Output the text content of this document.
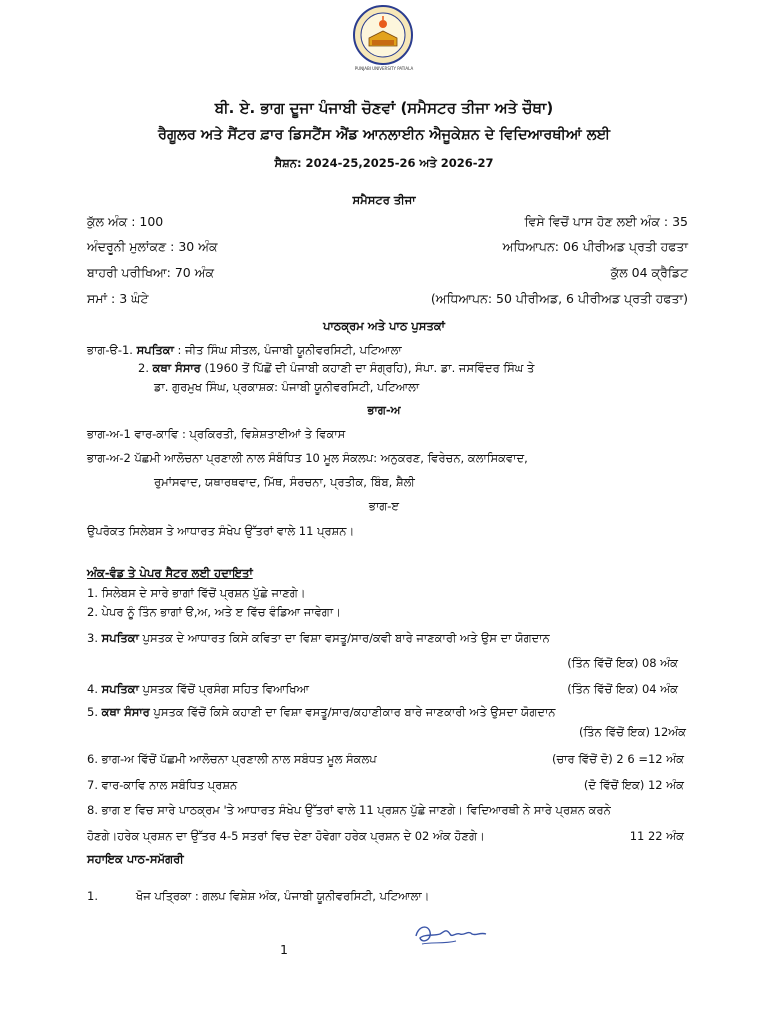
PUNJABI UNIVERSITY PATIALA
ਬੀ. ਏ. ਭਾਗ ਦੂਜਾ ਪੰਜਾਬੀ ਚੋਣਵਾਂ (ਸਮੈਸਟਰ ਤੀਜਾ ਅਤੇ ਚੌਥਾ)
ਰੈਗੂਲਰ ਅਤੇ ਸੈਂਟਰ ਫ਼ਾਰ ਡਿਸਟੈਂਸ ਐਂਡ ਆਨਲਾਈਨ ਐਜੂਕੇਸ਼ਨ ਦੇ ਵਿਦਿਆਰਥੀਆਂ ਲਈ
ਸੈਸ਼ਨ: 2024-25,2025-26 ਅਤੇ 2026-27
ਸਮੈਸਟਰ ਤੀਜਾ
ਕੁੱਲ ਅੰਕ : 100	ਵਿਸੇ ਵਿਚੋਂ ਪਾਸ ਹੋਣ ਲਈ ਅੰਕ : 35
ਅੰਦਰੂਨੀ ਮੁਲਾਂਕਣ : 30 ਅੰਕ	ਅਧਿਆਪਨ: 06 ਪੀਰੀਅਡ ਪ੍ਰਤੀ ਹਫਤਾ
ਬਾਹਰੀ ਪਰੀਖਿਆ: 70 ਅੰਕ	ਕੁੱਲ 04 ਕ੍ਰੈਡਿਟ
ਸਮਾਂ : 3 ਘੰਟੇ	(ਅਧਿਆਪਨ: 50 ਪੀਰੀਅਡ, 6 ਪੀਰੀਅਡ ਪ੍ਰਤੀ ਹਫਤਾ)
ਪਾਠਕ੍ਰਮ ਅਤੇ ਪਾਠ ਪੁਸਤਕਾਂ
ਭਾਗ-ੳ-1. ਸਪਤਿਕਾ : ਜੀਤ ਸਿੰਘ ਸੀਤਲ, ਪੰਜਾਬੀ ਯੂਨੀਵਰਸਿਟੀ, ਪਟਿਆਲਾ
2. ਕਥਾ ਸੰਸਾਰ (1960 ਤੋਂ ਪਿੱਛੋਂ ਦੀ ਪੰਜਾਬੀ ਕਹਾਣੀ ਦਾ ਸੰਗ੍ਰਹਿ), ਸੰਪਾ. ਡਾ. ਜਸਵਿੰਦਰ ਸਿੰਘ ਤੇ
ਡਾ. ਗੁਰਮੁਖ ਸਿੰਘ, ਪ੍ਰਕਾਸ਼ਕ: ਪੰਜਾਬੀ ਯੂਨੀਵਰਸਿਟੀ, ਪਟਿਆਲਾ
ਭਾਗ-ਅ
ਭਾਗ-ਅ-1 ਵਾਰ-ਕਾਵਿ : ਪ੍ਰਕਿਰਤੀ, ਵਿਸ਼ੇਸ਼ਤਾਈਆਂ ਤੇ ਵਿਕਾਸ
ਭਾਗ-ਅ-2 ਪੱਛਮੀ ਆਲੋਚਨਾ ਪ੍ਰਣਾਲੀ ਨਾਲ ਸੰਬੰਧਿਤ 10 ਮੂਲ ਸੰਕਲਪ: ਅਨੁਕਰਣ, ਵਿਰੇਚਨ, ਕਲਾਸਿਕਵਾਦ,
ਰੁਮਾਂਸਵਾਦ, ਯਥਾਰਥਵਾਦ, ਮਿੱਥ, ਸੰਰਚਨਾ, ਪ੍ਰਤੀਕ, ਬਿੰਬ, ਸ਼ੈਲੀ
ਭਾਗ-ੲ
ਉਪਰੋਕਤ ਸਿਲੇਬਸ ਤੇ ਆਧਾਰਤ ਸੰਖੇਪ ਉੱਤਰਾਂ ਵਾਲੇ 11 ਪ੍ਰਸ਼ਨ।
ਅੰਕ-ਵੰਡ ਤੇ ਪੇਪਰ ਸੈਟਰ ਲਈ ਹਦਾਇਤਾਂ
1. ਸਿਲੇਬਸ ਦੇ ਸਾਰੇ ਭਾਗਾਂ ਵਿੱਚੋਂ ਪ੍ਰਸ਼ਨ ਪੁੱਛੇ ਜਾਣਗੇ।
2. ਪੇਪਰ ਨੂੰ ਤਿੰਨ ਭਾਗਾਂ ੳ,ਅ, ਅਤੇ ੲ ਵਿੱਚ ਵੰਡਿਆ ਜਾਵੇਗਾ।
3. ਸਪਤਿਕਾ ਪੁਸਤਕ ਦੇ ਆਧਾਰਤ ਕਿਸੇ ਕਵਿਤਾ ਦਾ ਵਿਸ਼ਾ ਵਸਤੂ/ਸਾਰ/ਕਵੀ ਬਾਰੇ ਜਾਣਕਾਰੀ ਅਤੇ ਉਸ ਦਾ ਯੋਗਦਾਨ
(ਤਿੰਨ ਵਿੱਚੋਂ ਇਕ) 08 ਅੰਕ
4. ਸਪਤਿਕਾ ਪੁਸਤਕ ਵਿੱਚੋਂ ਪ੍ਰਸੰਗ ਸਹਿਤ ਵਿਆਖਿਆ	(ਤਿੰਨ ਵਿੱਚੋਂ ਇਕ) 04 ਅੰਕ
5. ਕਥਾ ਸੰਸਾਰ ਪੁਸਤਕ ਵਿੱਚੋਂ ਕਿਸੇ ਕਹਾਣੀ ਦਾ ਵਿਸ਼ਾ ਵਸਤੂ/ਸਾਰ/ਕਹਾਣੀਕਾਰ ਬਾਰੇ ਜਾਣਕਾਰੀ ਅਤੇ ਉਸਦਾ ਯੋਗਦਾਨ
(ਤਿੰਨ ਵਿੱਚੋਂ ਇਕ) 12ਅੰਕ
6. ਭਾਗ-ਅ ਵਿੱਚੋਂ ਪੱਛਮੀ ਆਲੋਚਨਾ ਪ੍ਰਣਾਲੀ ਨਾਲ ਸਬੰਧਤ ਮੂਲ ਸੰਕਲਪ	(ਚਾਰ ਵਿੱਚੋਂ ਦੋ) 2 6 =12 ਅੰਕ
7. ਵਾਰ-ਕਾਵਿ ਨਾਲ ਸਬੰਧਿਤ ਪ੍ਰਸ਼ਨ	(ਦੋ ਵਿੱਚੋਂ ਇਕ) 12 ਅੰਕ
8. ਭਾਗ ੲ ਵਿਚ ਸਾਰੇ ਪਾਠਕ੍ਰਮ 'ਤੇ ਆਧਾਰਤ ਸੰਖੇਪ ਉੱਤਰਾਂ ਵਾਲੇ 11 ਪ੍ਰਸ਼ਨ ਪੁੱਛੇ ਜਾਣਗੇ। ਵਿਦਿਆਰਥੀ ਨੇ ਸਾਰੇ ਪ੍ਰਸ਼ਨ ਕਰਨੇ
ਹੋਣਗੇ।ਹਰੇਕ ਪ੍ਰਸ਼ਨ ਦਾ ਉੱਤਰ 4-5 ਸਤਰਾਂ ਵਿਚ ਦੇਣਾ ਹੋਵੇਗਾ ਹਰੇਕ ਪ੍ਰਸ਼ਨ ਦੇ 02 ਅੰਕ ਹੋਣਗੇ।	11 22 ਅੰਕ
ਸਹਾਇਕ ਪਾਠ-ਸਮੱਗਰੀ
1.	ਖੋਜ ਪਤ੍ਰਿਕਾ : ਗਲਪ ਵਿਸ਼ੇਸ਼ ਅੰਕ, ਪੰਜਾਬੀ ਯੂਨੀਵਰਸਿਟੀ, ਪਟਿਆਲਾ।
1
